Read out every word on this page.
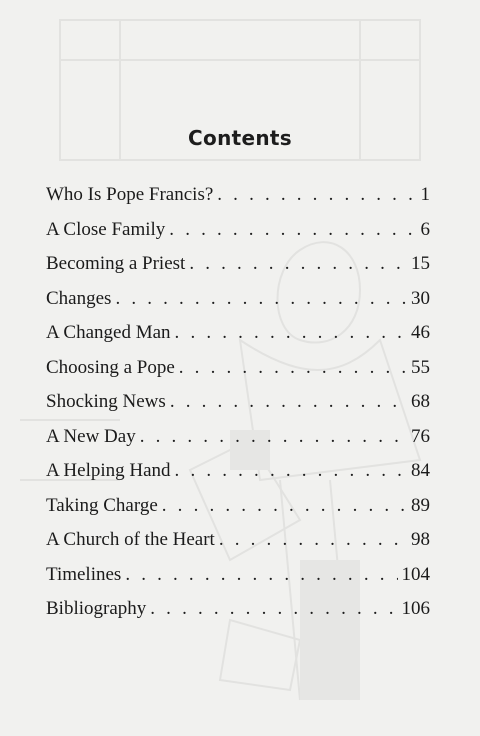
Contents
Who Is Pope Francis? . . .	1
A Close Family . . .	6
Becoming a Priest . . .	15
Changes . . .	30
A Changed Man . . .	46
Choosing a Pope . . .	55
Shocking News . . .	68
A New Day . . .	76
A Helping Hand . . .	84
Taking Charge . . .	89
A Church of the Heart . . .	98
Timelines . . .	104
Bibliography . . .	106
